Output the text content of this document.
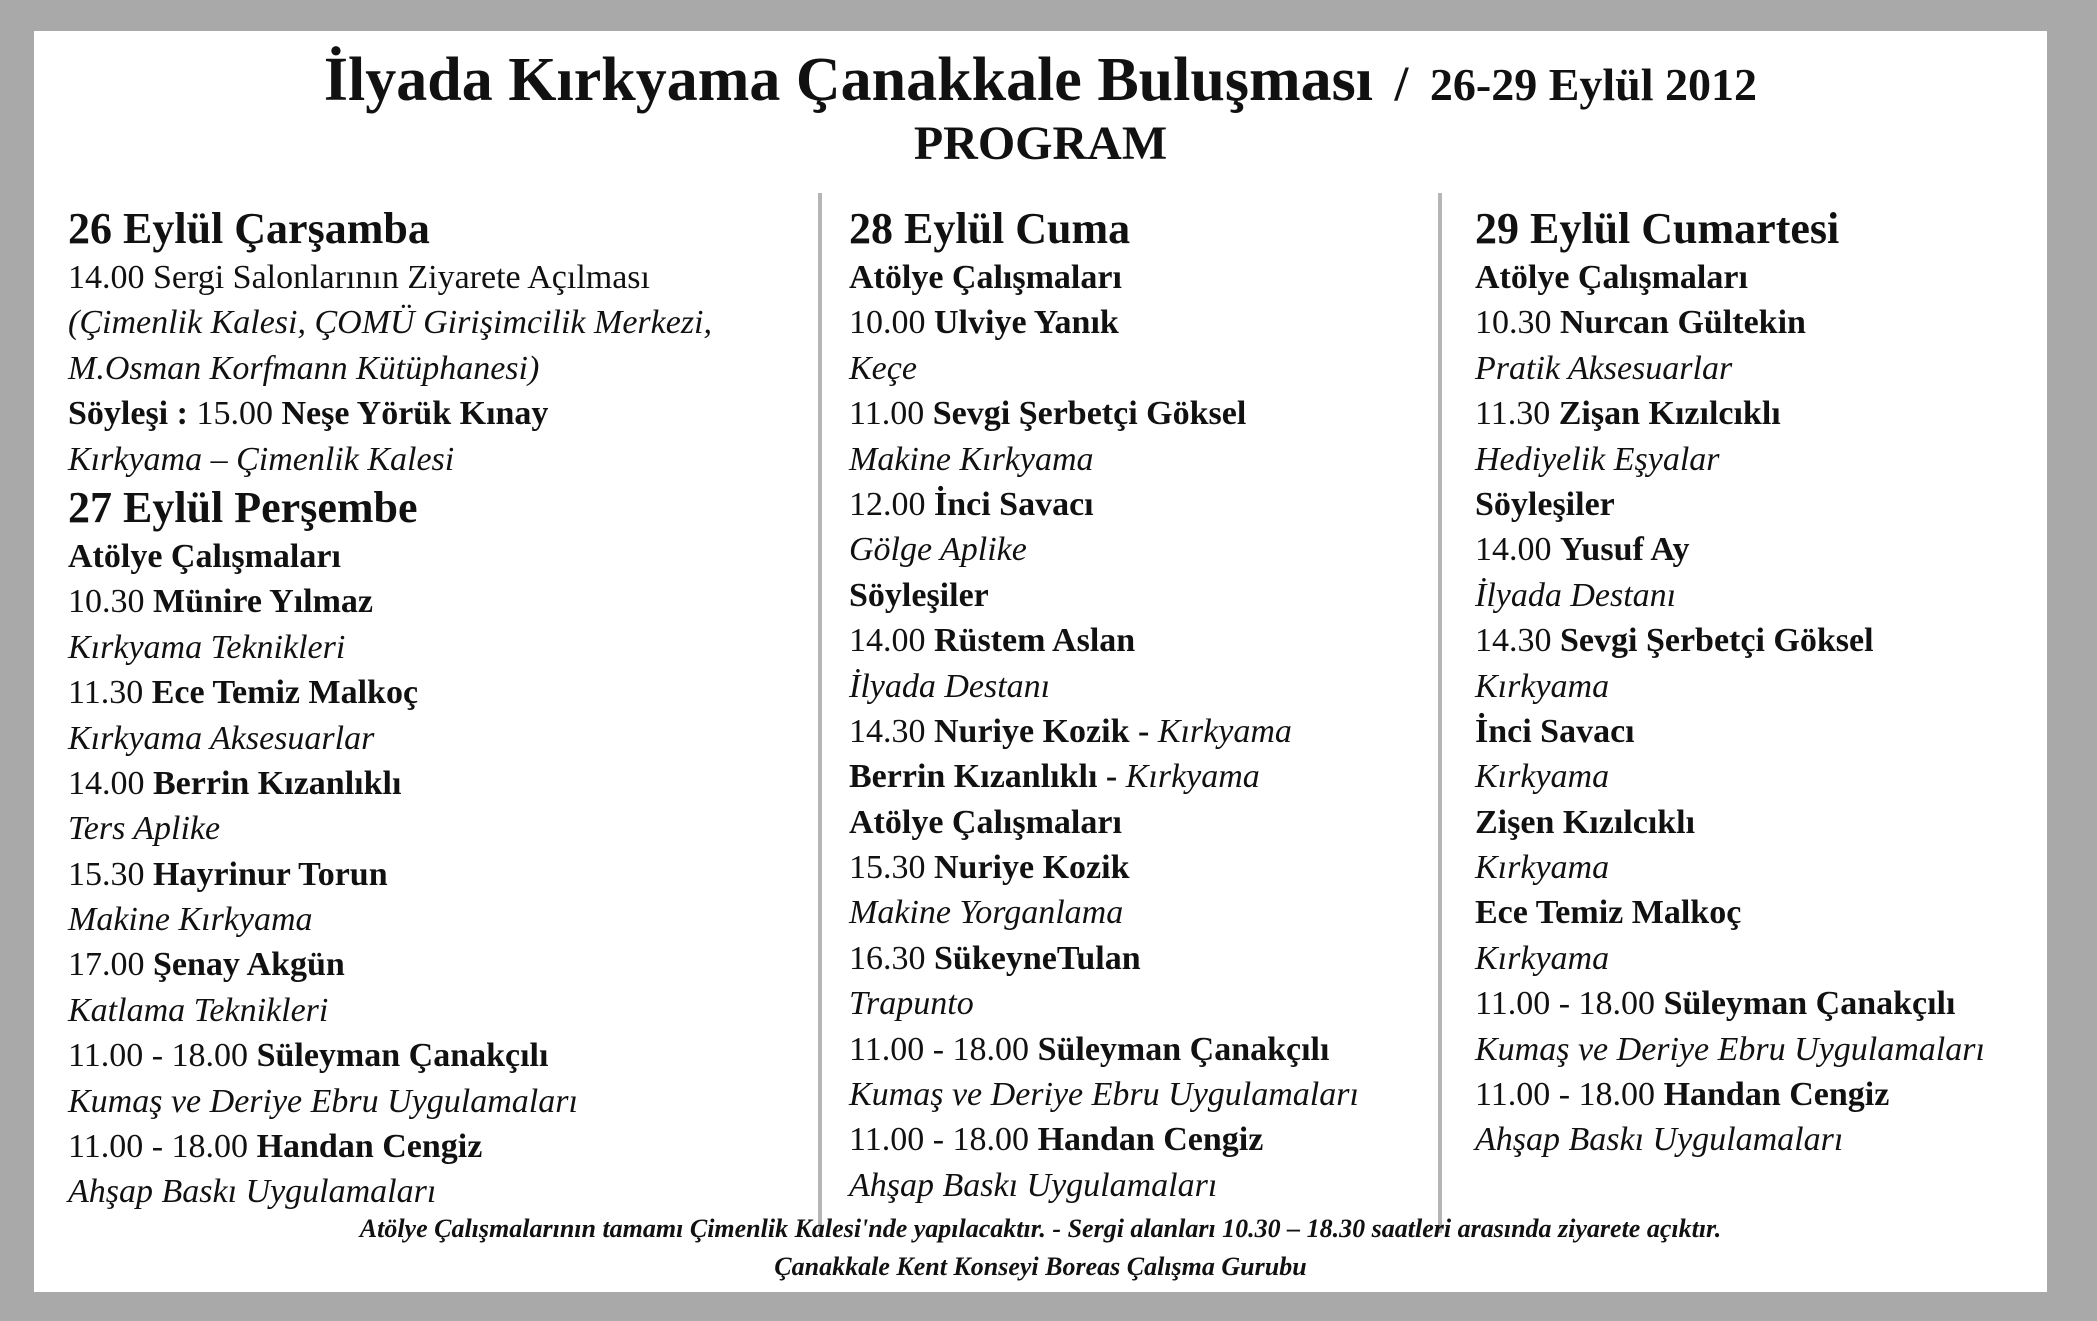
İlyada Kırkyama Çanakkale Buluşması / 26-29 Eylül 2012
PROGRAM
26 Eylül Çarşamba
14.00 Sergi Salonlarının Ziyarete Açılması
(Çimenlik Kalesi, ÇOMÜ Girişimcilik Merkezi,
M.Osman Korfmann Kütüphanesi)
Söyleşi : 15.00 Neşe Yörük Kınay
Kırkyama – Çimenlik Kalesi
27 Eylül Perşembe
Atölye Çalışmaları
10.30 Münire Yılmaz
Kırkyama Teknikleri
11.30 Ece Temiz Malkoç
Kırkyama Aksesuarlar
14.00 Berrin Kızanlıklı
Ters Aplike
15.30 Hayrinur Torun
Makine Kırkyama
17.00 Şenay Akgün
Katlama Teknikleri
11.00 - 18.00 Süleyman Çanakçılı
Kumaş ve Deriye Ebru Uygulamaları
11.00 - 18.00 Handan Cengiz
Ahşap Baskı Uygulamaları
28 Eylül Cuma
Atölye Çalışmaları
10.00 Ulviye Yanık
Keçe
11.00 Sevgi Şerbetçi Göksel
Makine Kırkyama
12.00 İnci Savacı
Gölge Aplike
Söyleşiler
14.00 Rüstem Aslan
İlyada Destanı
14.30 Nuriye Kozik - Kırkyama
Berrin Kızanlıklı - Kırkyama
Atölye Çalışmaları
15.30 Nuriye Kozik
Makine Yorganlama
16.30 SükeyneTulan
Trapunto
11.00 - 18.00 Süleyman Çanakçılı
Kumaş ve Deriye Ebru Uygulamaları
11.00 - 18.00 Handan Cengiz
Ahşap Baskı Uygulamaları
29 Eylül Cumartesi
Atölye Çalışmaları
10.30 Nurcan Gültekin
Pratik Aksesuarlar
11.30 Zişan Kızılcıklı
Hediyelik Eşyalar
Söyleşiler
14.00 Yusuf Ay
İlyada Destanı
14.30 Sevgi Şerbetçi Göksel
Kırkyama
İnci Savacı
Kırkyama
Zişen Kızılcıklı
Kırkyama
Ece Temiz Malkoç
Kırkyama
11.00 - 18.00 Süleyman Çanakçılı
Kumaş ve Deriye Ebru Uygulamaları
11.00 - 18.00 Handan Cengiz
Ahşap Baskı Uygulamaları
Atölye Çalışmalarının tamamı Çimenlik Kalesi'nde yapılacaktır. - Sergi alanları 10.30 – 18.30 saatleri arasında ziyarete açıktır.
Çanakkale Kent Konseyi Boreas Çalışma Gurubu
